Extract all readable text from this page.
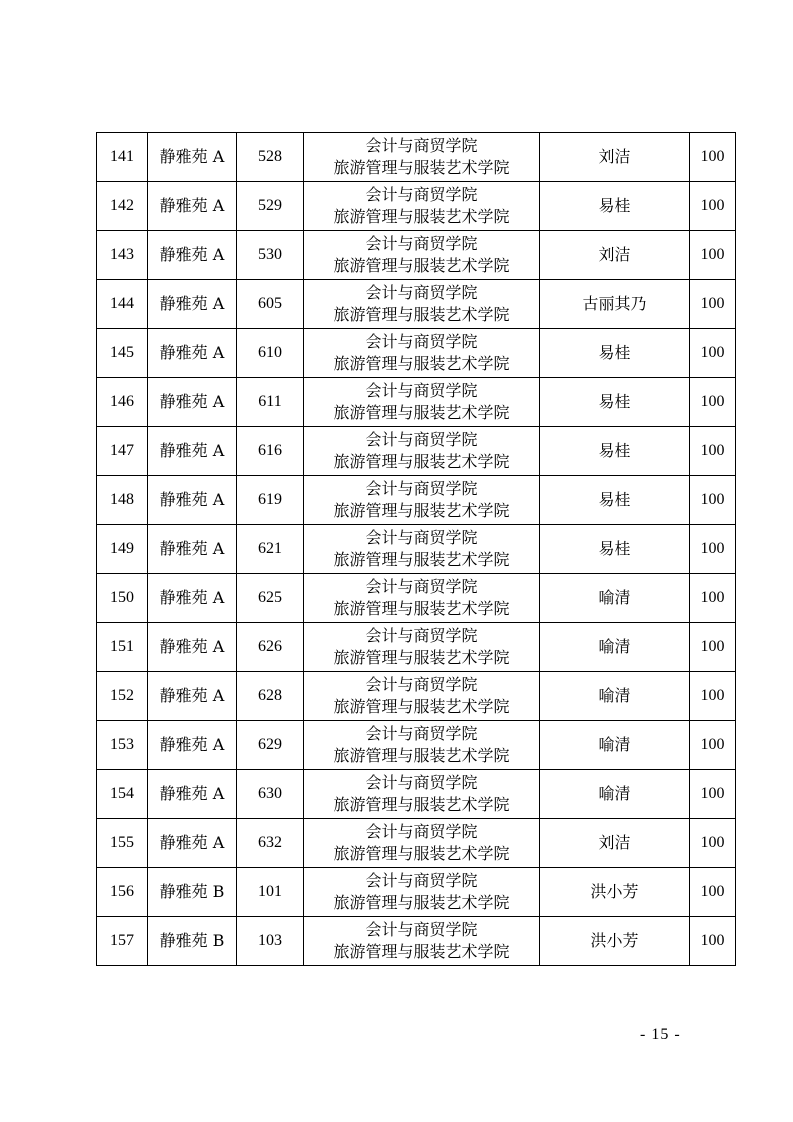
141	静雅苑 A	528	会计与商贸学院
旅游管理与服装艺术学院	刘洁	100
142	静雅苑 A	529	会计与商贸学院
旅游管理与服装艺术学院	易桂	100
143	静雅苑 A	530	会计与商贸学院
旅游管理与服装艺术学院	刘洁	100
144	静雅苑 A	605	会计与商贸学院
旅游管理与服装艺术学院	古丽其乃	100
145	静雅苑 A	610	会计与商贸学院
旅游管理与服装艺术学院	易桂	100
146	静雅苑 A	611	会计与商贸学院
旅游管理与服装艺术学院	易桂	100
147	静雅苑 A	616	会计与商贸学院
旅游管理与服装艺术学院	易桂	100
148	静雅苑 A	619	会计与商贸学院
旅游管理与服装艺术学院	易桂	100
149	静雅苑 A	621	会计与商贸学院
旅游管理与服装艺术学院	易桂	100
150	静雅苑 A	625	会计与商贸学院
旅游管理与服装艺术学院	喻清	100
151	静雅苑 A	626	会计与商贸学院
旅游管理与服装艺术学院	喻清	100
152	静雅苑 A	628	会计与商贸学院
旅游管理与服装艺术学院	喻清	100
153	静雅苑 A	629	会计与商贸学院
旅游管理与服装艺术学院	喻清	100
154	静雅苑 A	630	会计与商贸学院
旅游管理与服装艺术学院	喻清	100
155	静雅苑 A	632	会计与商贸学院
旅游管理与服装艺术学院	刘洁	100
156	静雅苑 B	101	会计与商贸学院
旅游管理与服装艺术学院	洪小芳	100
157	静雅苑 B	103	会计与商贸学院
旅游管理与服装艺术学院	洪小芳	100
- 15 -
